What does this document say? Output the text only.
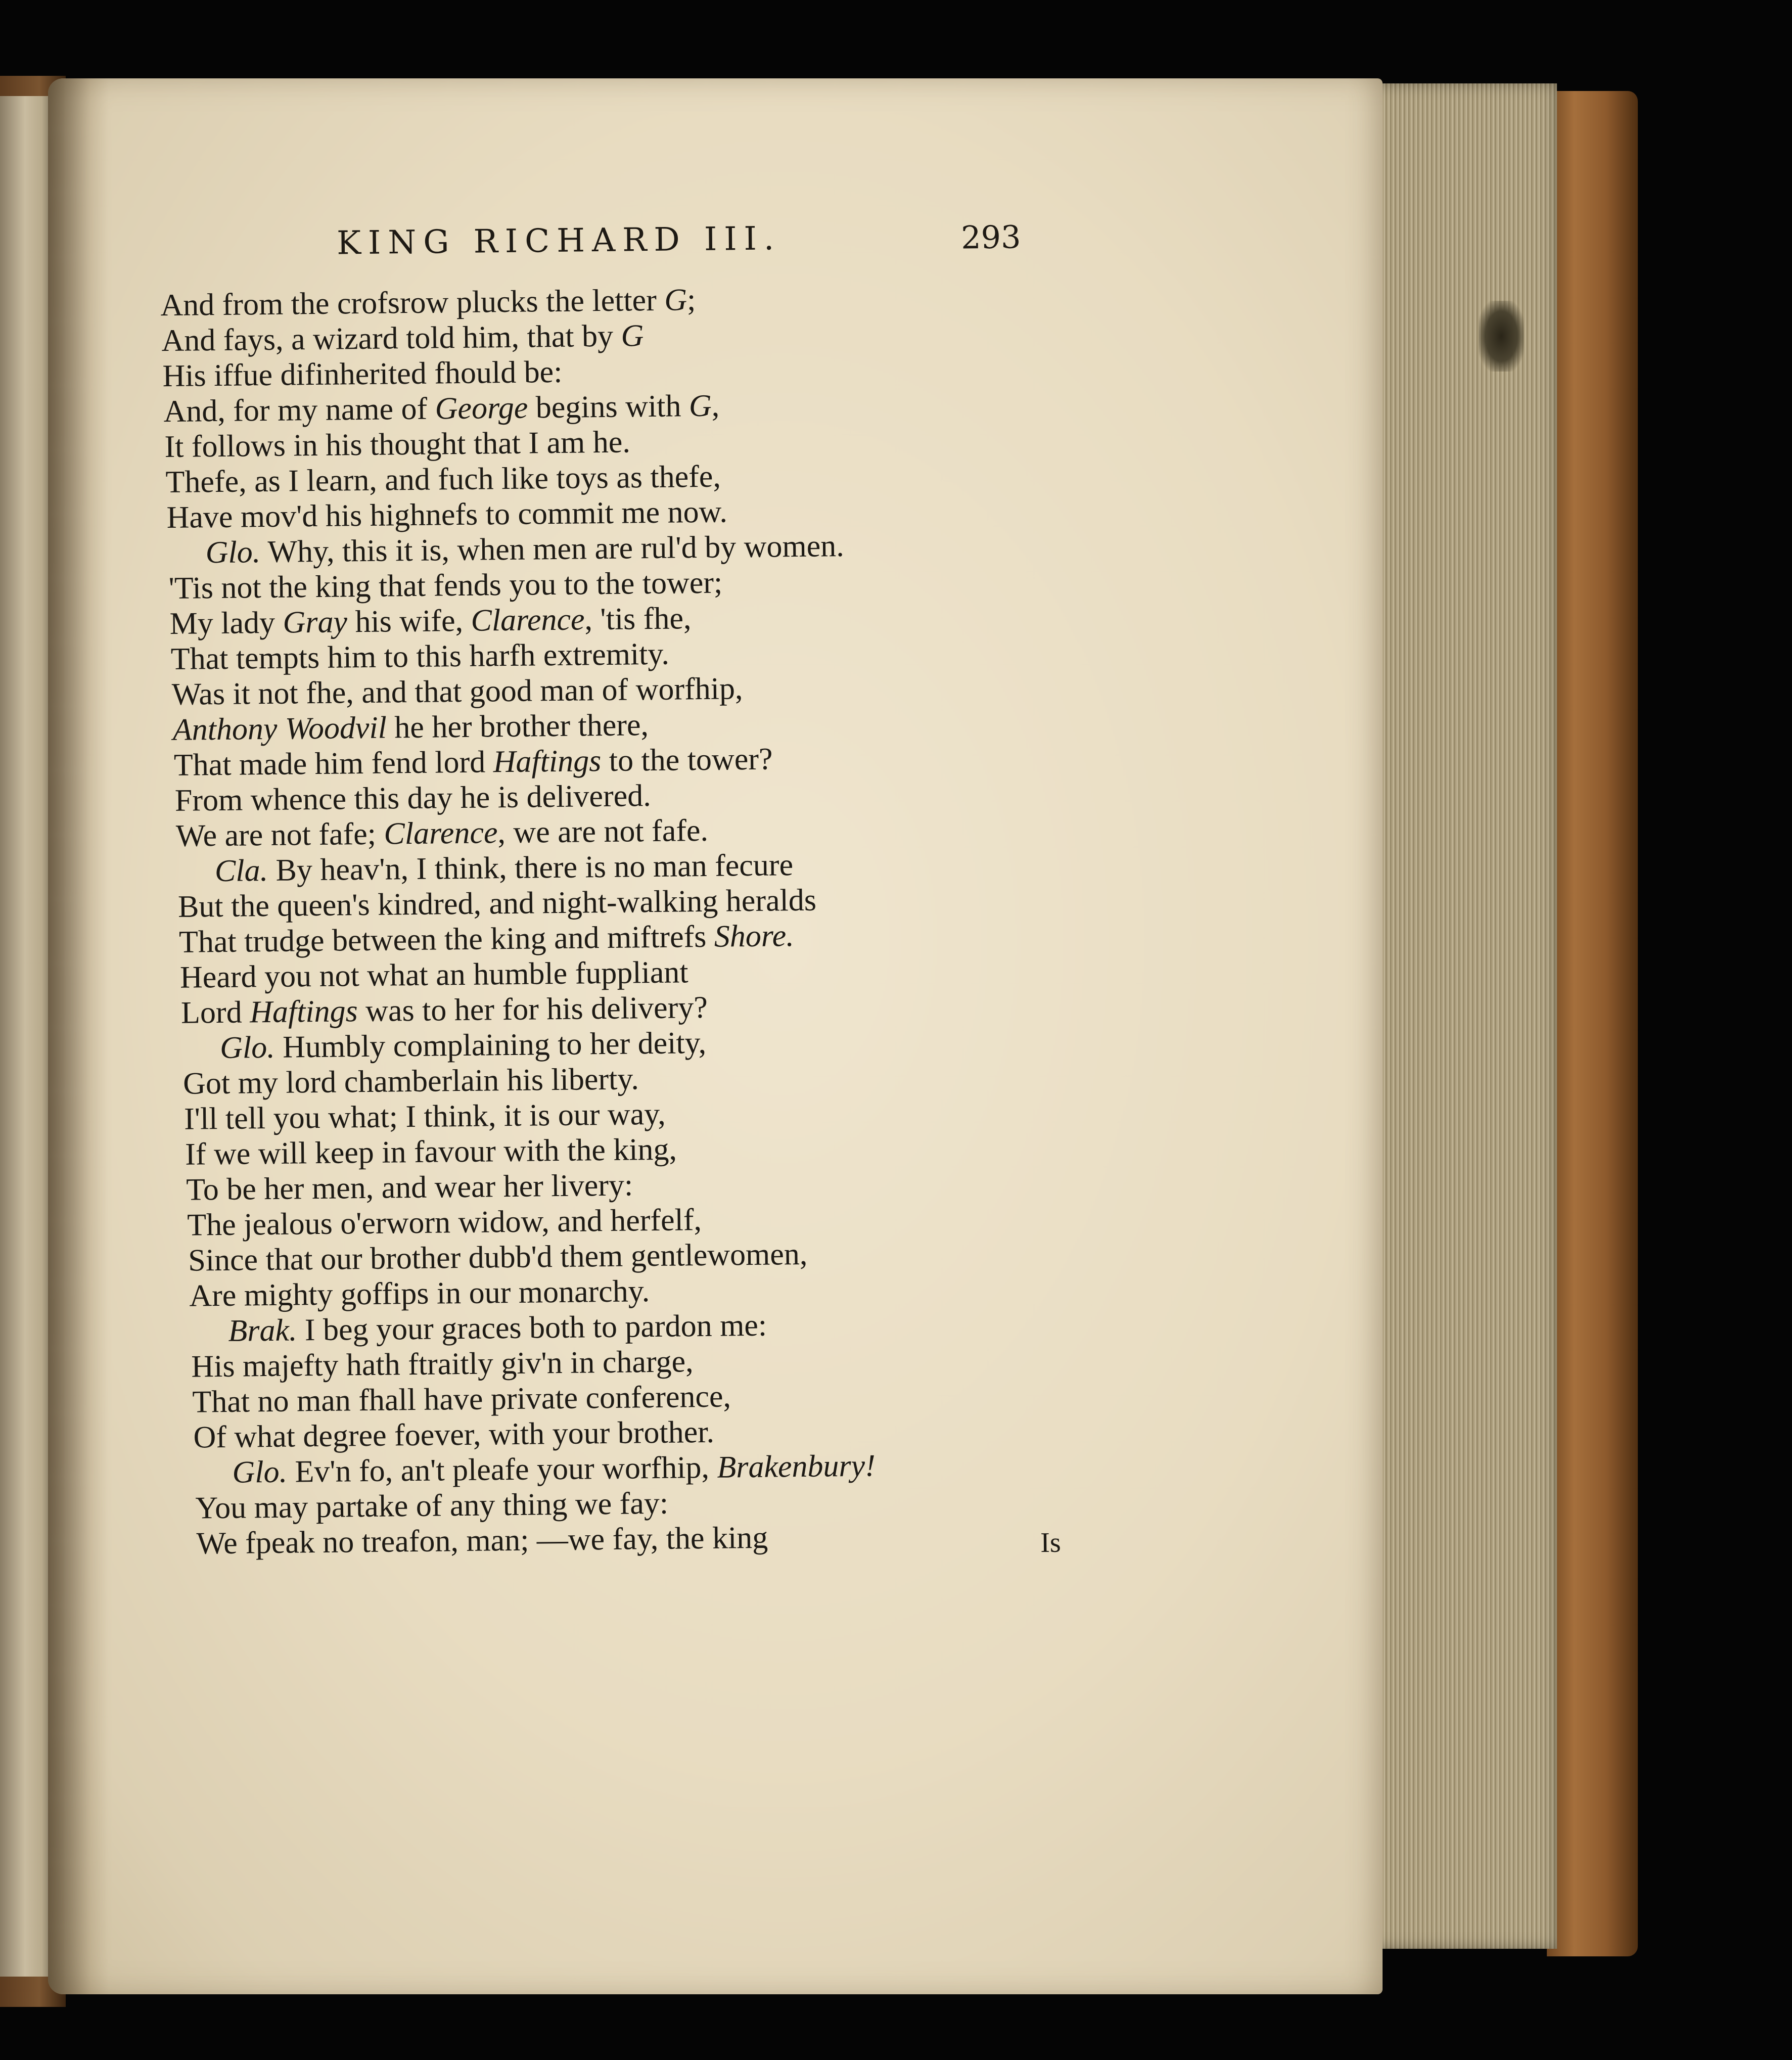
KING RICHARD III.	293
And from the crofsrow plucks the letter G;
And fays, a wizard told him, that by G
His iffue difinherited fhould be:
And, for my name of George begins with G,
It follows in his thought that I am he.
Thefe, as I learn, and fuch like toys as thefe,
Have mov'd his highnefs to commit me now.
Glo. Why, this it is, when men are rul'd by women.
'Tis not the king that fends you to the tower;
My lady Gray his wife, Clarence, 'tis fhe,
That tempts him to this harfh extremity.
Was it not fhe, and that good man of worfhip,
Anthony Woodvil he her brother there,
That made him fend lord Haftings to the tower?
From whence this day he is delivered.
We are not fafe; Clarence, we are not fafe.
Cla. By heav'n, I think, there is no man fecure
But the queen's kindred, and night-walking heralds
That trudge between the king and miftrefs Shore.
Heard you not what an humble fuppliant
Lord Haftings was to her for his delivery?
Glo. Humbly complaining to her deity,
Got my lord chamberlain his liberty.
I'll tell you what; I think, it is our way,
If we will keep in favour with the king,
To be her men, and wear her livery:
The jealous o'erworn widow, and herfelf,
Since that our brother dubb'd them gentlewomen,
Are mighty goffips in our monarchy.
Brak. I beg your graces both to pardon me:
His majefty hath ftraitly giv'n in charge,
That no man fhall have private conference,
Of what degree foever, with your brother.
Glo. Ev'n fo, an't pleafe your worfhip, Brakenbury!
You may partake of any thing we fay:
We fpeak no treafon, man; —we fay, the king	Is
